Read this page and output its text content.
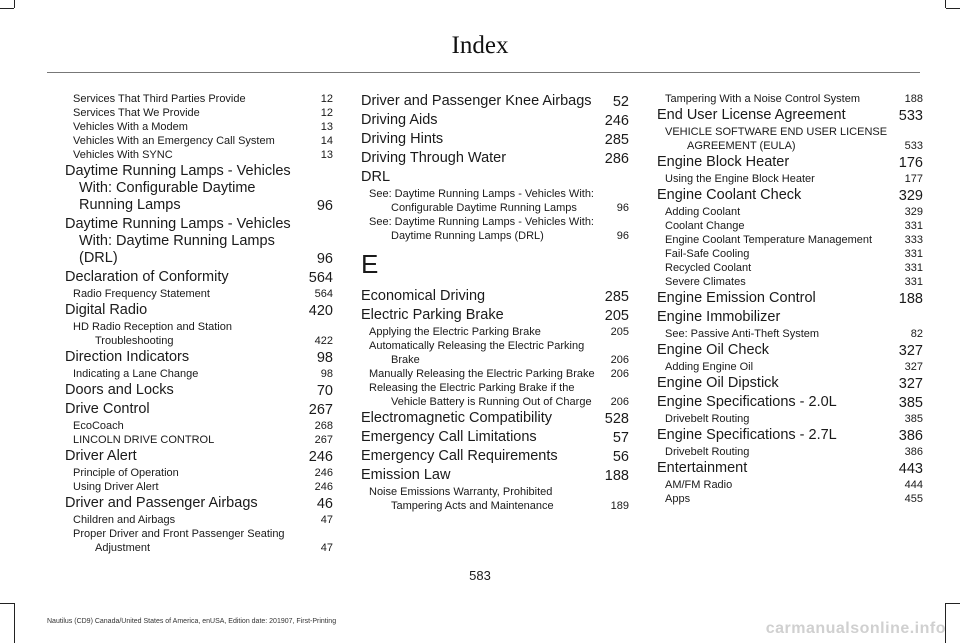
Index
Services That Third Parties Provide	12
Services That We Provide	12
Vehicles With a Modem	13
Vehicles With an Emergency Call System	14
Vehicles With SYNC	13
Daytime Running Lamps - Vehicles With: Configurable Daytime Running Lamps	96
Daytime Running Lamps - Vehicles With: Daytime Running Lamps (DRL)	96
Declaration of Conformity	564
Radio Frequency Statement	564
Digital Radio	420
HD Radio Reception and Station Troubleshooting	422
Direction Indicators	98
Indicating a Lane Change	98
Doors and Locks	70
Drive Control	267
EcoCoach	268
LINCOLN DRIVE CONTROL	267
Driver Alert	246
Principle of Operation	246
Using Driver Alert	246
Driver and Passenger Airbags	46
Children and Airbags	47
Proper Driver and Front Passenger Seating Adjustment	47
Driver and Passenger Knee Airbags	52
Driving Aids	246
Driving Hints	285
Driving Through Water	286
DRL
See: Daytime Running Lamps - Vehicles With: Configurable Daytime Running Lamps	96
See: Daytime Running Lamps - Vehicles With: Daytime Running Lamps (DRL)	96
E
Economical Driving	285
Electric Parking Brake	205
Applying the Electric Parking Brake	205
Automatically Releasing the Electric Parking Brake	206
Manually Releasing the Electric Parking Brake	206
Releasing the Electric Parking Brake if the Vehicle Battery is Running Out of Charge	206
Electromagnetic Compatibility	528
Emergency Call Limitations	57
Emergency Call Requirements	56
Emission Law	188
Noise Emissions Warranty, Prohibited Tampering Acts and Maintenance	189
Tampering With a Noise Control System	188
End User License Agreement	533
VEHICLE SOFTWARE END USER LICENSE AGREEMENT (EULA)	533
Engine Block Heater	176
Using the Engine Block Heater	177
Engine Coolant Check	329
Adding Coolant	329
Coolant Change	331
Engine Coolant Temperature Management	333
Fail-Safe Cooling	331
Recycled Coolant	331
Severe Climates	331
Engine Emission Control	188
Engine Immobilizer
See: Passive Anti-Theft System	82
Engine Oil Check	327
Adding Engine Oil	327
Engine Oil Dipstick	327
Engine Specifications - 2.0L	385
Drivebelt Routing	385
Engine Specifications - 2.7L	386
Drivebelt Routing	386
Entertainment	443
AM/FM Radio	444
Apps	455
583
Nautilus (CD9) Canada/United States of America, enUSA, Edition date: 201907, First-Printing	carmanualsonline.info
